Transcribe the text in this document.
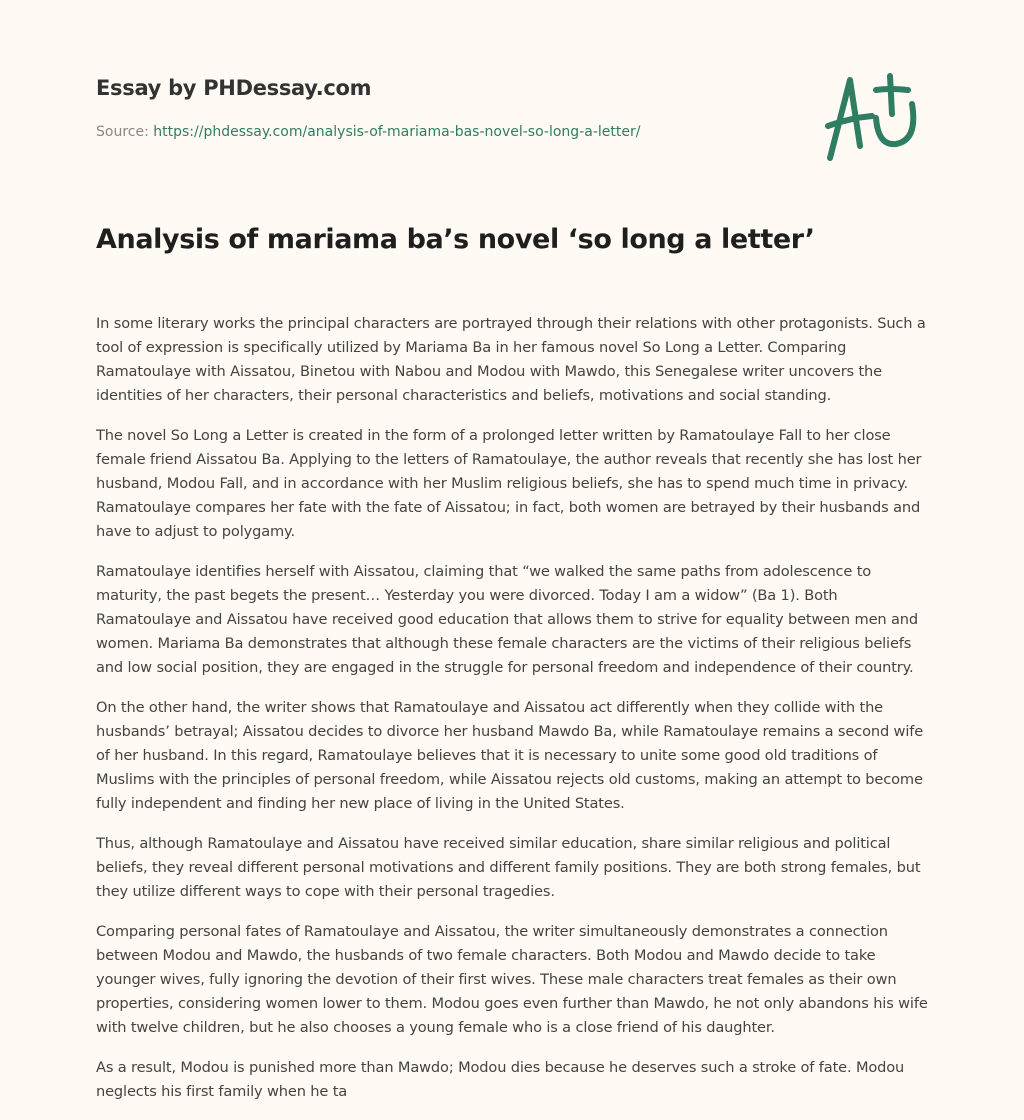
Essay by PHDessay.com
Source: https://phdessay.com/analysis-of-mariama-bas-novel-so-long-a-letter/
Analysis of mariama ba’s novel ‘so long a letter’

In some literary works the principal characters are portrayed through their relations with other protagonists. Such a tool of expression is specifically utilized by Mariama Ba in her famous novel So Long a Letter. Comparing Ramatoulaye with Aissatou, Binetou with Nabou and Modou with Mawdo, this Senegalese writer uncovers the identities of her characters, their personal characteristics and beliefs, motivations and social standing.

The novel So Long a Letter is created in the form of a prolonged letter written by Ramatoulaye Fall to her close female friend Aissatou Ba. Applying to the letters of Ramatoulaye, the author reveals that recently she has lost her husband, Modou Fall, and in accordance with her Muslim religious beliefs, she has to spend much time in privacy. Ramatoulaye compares her fate with the fate of Aissatou; in fact, both women are betrayed by their husbands and have to adjust to polygamy.

Ramatoulaye identifies herself with Aissatou, claiming that “we walked the same paths from adolescence to maturity, the past begets the present… Yesterday you were divorced. Today I am a widow” (Ba 1). Both Ramatoulaye and Aissatou have received good education that allows them to strive for equality between men and women. Mariama Ba demonstrates that although these female characters are the victims of their religious beliefs and low social position, they are engaged in the struggle for personal freedom and independence of their country.

On the other hand, the writer shows that Ramatoulaye and Aissatou act differently when they collide with the husbands’ betrayal; Aissatou decides to divorce her husband Mawdo Ba, while Ramatoulaye remains a second wife of her husband. In this regard, Ramatoulaye believes that it is necessary to unite some good old traditions of Muslims with the principles of personal freedom, while Aissatou rejects old customs, making an attempt to become fully independent and finding her new place of living in the United States.

Thus, although Ramatoulaye and Aissatou have received similar education, share similar religious and political beliefs, they reveal different personal motivations and different family positions. They are both strong females, but they utilize different ways to cope with their personal tragedies.

Comparing personal fates of Ramatoulaye and Aissatou, the writer simultaneously demonstrates a connection between Modou and Mawdo, the husbands of two female characters. Both Modou and Mawdo decide to take younger wives, fully ignoring the devotion of their first wives. These male characters treat females as their own properties, considering women lower to them. Modou goes even further than Mawdo, he not only abandons his wife with twelve children, but he also chooses a young female who is a close friend of his daughter.

As a result, Modou is punished more than Mawdo; Modou dies because he deserves such a stroke of fate. Modou neglects his first family when he ta
